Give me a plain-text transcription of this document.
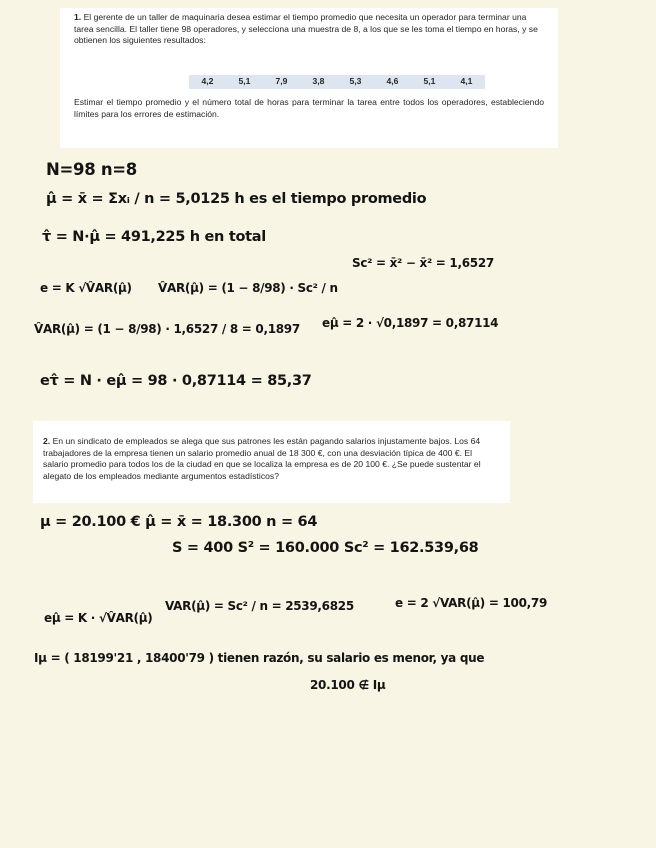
1. El gerente de un taller de maquinaria desea estimar el tiempo promedio que necesita un operador para terminar una tarea sencilla. El taller tiene 98 operadores, y selecciona una muestra de 8, a los que se les toma el tiempo en horas, y se obtienen los siguientes resultados:
4,2	5,1	7,9	3,8	5,3	4,6	5,1	4,1
Estimar el tiempo promedio y el número total de horas para terminar la tarea entre todos los operadores, estableciendo límites para los errores de estimación.
N=98 n=8
μ̂ = x̄ = Σxᵢ / n = 5,0125 h es el tiempo promedio
τ̂ = N·μ̂ = 491,225 h en total
e = K √V̂AR(μ̂) V̂AR(μ̂) = (1 − 8/98) · Sc² / n
Sc² = x̄² − x̄² = 1,6527
V̂AR(μ̂) = (1 − 8/98) · 1,6527 / 8 = 0,1897 eμ̂ = 2 · √0,1897 = 0,87114
eτ̂ = N · eμ̂ = 98 · 0,87114 = 85,37
2. En un sindicato de empleados se alega que sus patrones les están pagando salarios injustamente bajos. Los 64 trabajadores de la empresa tienen un salario promedio anual de 18 300 €, con una desviación típica de 400 €. El salario promedio para todos los de la ciudad en que se localiza la empresa es de 20 100 €. ¿Se puede sustentar el alegato de los empleados mediante argumentos estadísticos?
μ = 20.100 € μ̂ = x̄ = 18.300 n = 64
S = 400 S² = 160.000 Sc² = 162.539,68
eμ̂ = K · √V̂AR(μ̂)
VAR(μ̂) = Sc² / n = 2539,6825	e = 2 √VAR(μ̂) = 100,79
Iμ = ( 18199'21 , 18400'79 ) tienen razón, su salario es menor, ya que
20.100 ∉ Iμ
